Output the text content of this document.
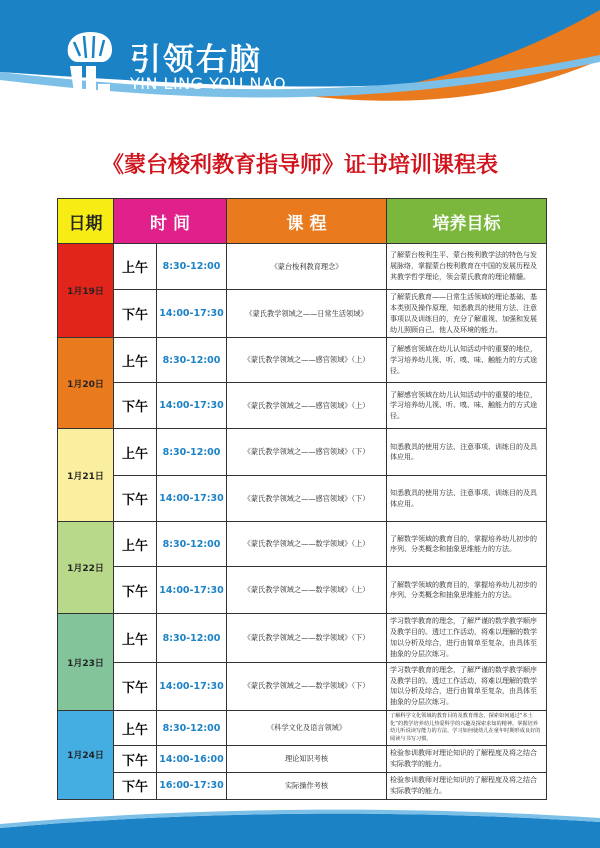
引领右脑
YIN LING YOU NAO
《蒙台梭利教育指导师》证书培训课程表
日期	时 间		课 程	培养目标
1月19日	上午	8:30-12:00	《蒙台梭利教育理念》	了解蒙台梭利生平、蒙台梭利教学法的特色与发展脉络，掌握蒙台梭利教育在中国的发展历程及其教学哲学理论，领会蒙氏教育的理论精髓。
	下午	14:00-17:30	《蒙氏教学领域之——日常生活领域》	了解蒙氏教育——日常生活领域的理论基础、基本类别及操作原理，知悉教具的使用方法、注意事项以及训练目的，充分了解重视、加强和发展幼儿照顾自己、他人及环境的能力。
1月20日	上午	8:30-12:00	《蒙氏教学领域之——感官领域》（上）	了解感官领域在幼儿认知活动中的重要的地位，学习培养幼儿视、听、嗅、味、触能力的方式途径。
	下午	14:00-17:30	《蒙氏教学领域之——感官领域》（上）	了解感官领域在幼儿认知活动中的重要的地位，学习培养幼儿视、听、嗅、味、触能力的方式途径。
1月21日	上午	8:30-12:00	《蒙氏教学领域之——感官领域》（下）	知悉教具的使用方法、注意事项、训练目的及具体应用。
	下午	14:00-17:30	《蒙氏教学领域之——感官领域》（下）	知悉教具的使用方法、注意事项、训练目的及具体应用。
1月22日	上午	8:30-12:00	《蒙氏教学领域之——数学领域》（上）	了解数学领域的教育目的，掌握培养幼儿初步的序列、分类概念和抽象思维能力的方法。
	下午	14:00-17:30	《蒙氏教学领域之——数学领域》（上）	了解数学领域的教育目的，掌握培养幼儿初步的序列、分类概念和抽象思维能力的方法。
1月23日	上午	8:30-12:00	《蒙氏教学领域之——数学领域》（下）	学习数学教育的理念，了解严谨的数学教学顺序及教学目的。透过工作活动，将难以理解的数学加以分析及综合，进行由简单至复杂，由具体至抽象的分层次练习。
	下午	14:00-17:30	《蒙氏教学领域之——数学领域》（下）	学习数学教育的理念，了解严谨的数学教学顺序及教学目的。透过工作活动，将难以理解的数学加以分析及综合，进行由简单至复杂，由具体至抽象的分层次练习。
1月24日	上午	8:30-12:00	《科学文化及语言领域》	了解科学文化领域的教育目的及教育理念，探索如何通过“本土化”的教学培养幼儿热爱科学的兴趣及探索求知的精神。掌握培养幼儿听说读写能力的方法，学习如何使幼儿在童年时期形成良好的阅读与书写习惯。
	下午	14:00-16:00	理论知识考核	检验参训教师对理论知识的了解程度及将之结合实际教学的能力。
	下午	16:00-17:30	实际操作考核	检验参训教师对理论知识的了解程度及将之结合实际教学的能力。
